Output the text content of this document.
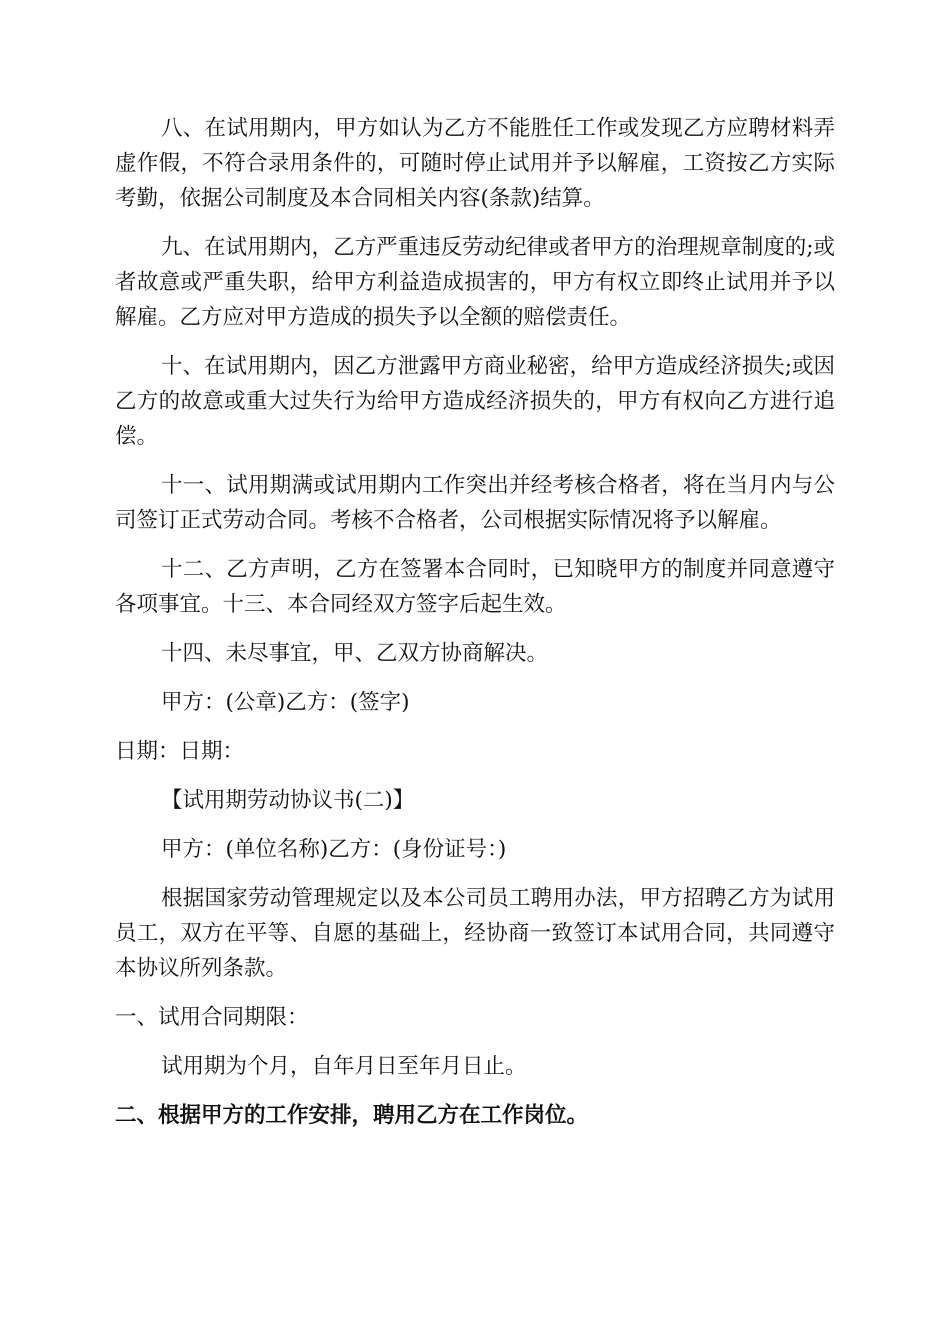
八、在试用期内，甲方如认为乙方不能胜任工作或发现乙方应聘材料弄虚作假，不符合录用条件的，可随时停止试用并予以解雇，工资按乙方实际考勤，依据公司制度及本合同相关内容(条款)结算。

九、在试用期内，乙方严重违反劳动纪律或者甲方的治理规章制度的;或者故意或严重失职，给甲方利益造成损害的，甲方有权立即终止试用并予以解雇。乙方应对甲方造成的损失予以全额的赔偿责任。

十、在试用期内，因乙方泄露甲方商业秘密，给甲方造成经济损失;或因乙方的故意或重大过失行为给甲方造成经济损失的，甲方有权向乙方进行追偿。

十一、试用期满或试用期内工作突出并经考核合格者，将在当月内与公司签订正式劳动合同。考核不合格者，公司根据实际情况将予以解雇。

十二、乙方声明，乙方在签署本合同时，已知晓甲方的制度并同意遵守各项事宜。十三、本合同经双方签字后起生效。

十四、未尽事宜，甲、乙双方协商解决。

甲方：(公章)乙方：(签字)

日期：日期：

【试用期劳动协议书(二)】

甲方：(单位名称)乙方：(身份证号：)

根据国家劳动管理规定以及本公司员工聘用办法，甲方招聘乙方为试用员工，双方在平等、自愿的基础上，经协商一致签订本试用合同，共同遵守本协议所列条款。

一、试用合同期限：

试用期为个月，自年月日至年月日止。

二、根据甲方的工作安排，聘用乙方在工作岗位。
